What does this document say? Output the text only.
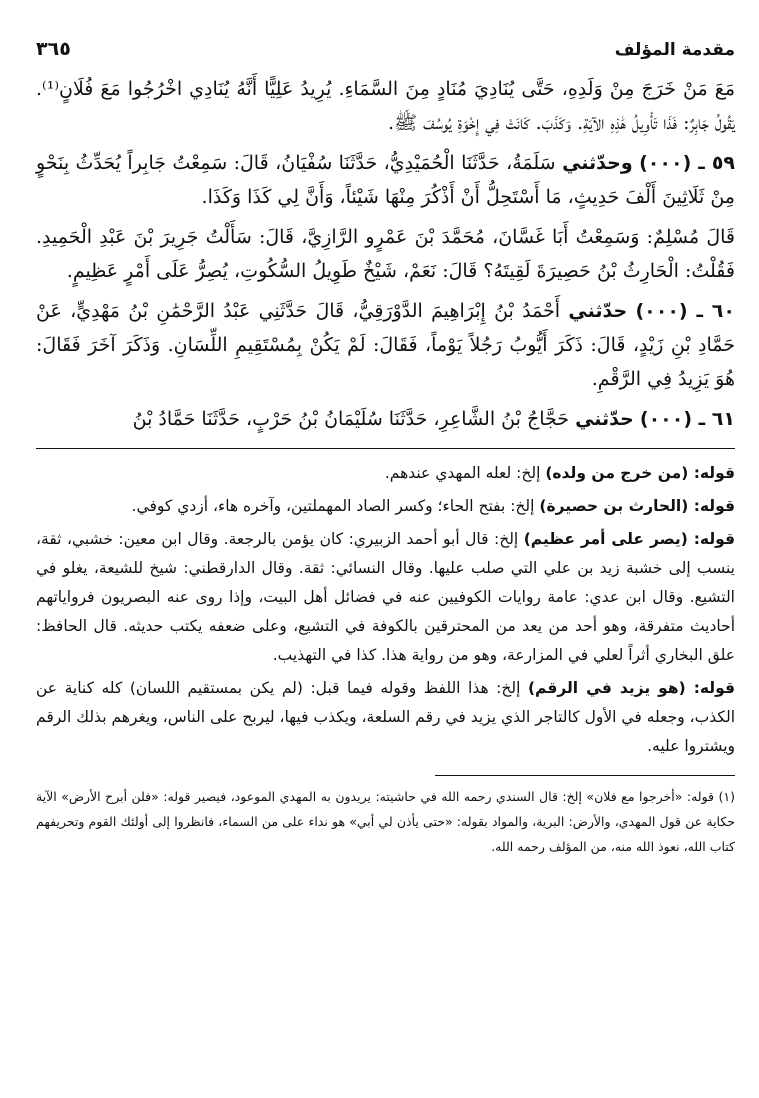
مقدمة المؤلف
٣٦٥

مَعَ مَنْ خَرَجَ مِنْ وَلَدِهِ، حَتَّى يُنَادِيَ مُنَادٍ مِنَ السَّمَاءِ. يُرِيدُ عَلِيًّا أَنَّهُ يُنَادِي اخْرُجُوا مَعَ فُلَانٍ⁽¹⁾. يَقُولُ جَابِرٌ: فَذَا تَأْوِيلُ هَٰذِهِ الآيَةِ. وَكَذَبَ. كَانَتْ فِي إِخْوَةِ يُوسُفَ ﷺ.

٥٩ ـ (٠٠٠) وحدّثني سَلَمَةُ، حَدَّثَنَا الْحُمَيْدِيُّ، حَدَّثَنَا سُفْيَانُ، قَالَ: سَمِعْتُ جَابِراً يُحَدِّثُ بِنَحْوٍ مِنْ ثَلَاثِينَ أَلْفَ حَدِيثٍ، مَا أَسْتَحِلُّ أَنْ أَذْكُرَ مِنْهَا شَيْئاً، وَأَنَّ لِي كَذَا وَكَذَا.

قَالَ مُسْلِمٌ: وَسَمِعْتُ أَبَا غَسَّانَ، مُحَمَّدَ بْنَ عَمْرٍو الرَّازِيَّ، قَالَ: سَأَلْتُ جَرِيرَ بْنَ عَبْدِ الْحَمِيدِ. فَقُلْتُ: الْحَارِثُ بْنُ حَصِيرَةَ لَقِيتَهُ؟ قَالَ: نَعَمْ، شَيْخٌ طَوِيلُ السُّكُوتِ، يُصِرُّ عَلَى أَمْرٍ عَظِيمٍ.

٦٠ ـ (٠٠٠) حدّثني أَحْمَدُ بْنُ إِبْرَاهِيمَ الدَّوْرَقِيُّ، قَالَ حَدَّثَنِي عَبْدُ الرَّحْمَٰنِ بْنُ مَهْدِيٍّ، عَنْ حَمَّادِ بْنِ زَيْدٍ، قَالَ: ذَكَرَ أَيُّوبُ رَجُلاً يَوْماً، فَقَالَ: لَمْ يَكُنْ بِمُسْتَقِيمِ اللِّسَانِ. وَذَكَرَ آخَرَ فَقَالَ: هُوَ يَزِيدُ فِي الرَّقْمِ.

٦١ ـ (٠٠٠) حدّثني حَجَّاجُ بْنُ الشَّاعِرِ، حَدَّثَنَا سُلَيْمَانُ بْنُ حَرْبٍ، حَدَّثَنَا حَمَّادُ بْنُ

قوله: (من خرج من ولده) إلخ: لعله المهدي عندهم.

قوله: (الحارث بن حصيرة) إلخ: بفتح الحاء؛ وكسر الصاد المهملتين، وآخره هاء، أزدي كوفي.

قوله: (يصر على أمر عظيم) إلخ: قال أبو أحمد الزبيري: كان يؤمن بالرجعة. وقال ابن معين: خشبي، ثقة، ينسب إلى خشبة زيد بن علي التي صلب عليها. وقال النسائي: ثقة. وقال الدارقطني: شيخ للشيعة، يغلو في التشيع. وقال ابن عدي: عامة روايات الكوفيين عنه في فضائل أهل البيت، وإذا روى عنه البصريون فرواياتهم أحاديث متفرقة، وهو أحد من يعد من المحترقين بالكوفة في التشيع، وعلى ضعفه يكتب حديثه. قال الحافظ: علق البخاري أثراً لعلي في المزارعة، وهو من رواية هذا. كذا في التهذيب.

قوله: (هو يزيد في الرقم) إلخ: هذا اللفظ وقوله فيما قبل: (لم يكن بمستقيم اللسان) كله كناية عن الكذب، وجعله في الأول كالتاجر الذي يزيد في رقم السلعة، ويكذب فيها، ليربح على الناس، ويغرهم بذلك الرقم ويشتروا عليه.

(١) قوله: «أخرجوا مع فلان» إلخ: قال السندي رحمه الله في حاشيته: يريدون به المهدي الموعود، فيصير قوله: «فلن أبرح الأرض» الآية حكاية عن قول المهدي، والأرض: البرية، والمواد بقوله: «حتى يأذن لي أبي» هو نداء على من السماء، فانظروا إلى أولئك القوم وتحريفهم كتاب الله، نعوذ الله منه، من المؤلف رحمه الله.
